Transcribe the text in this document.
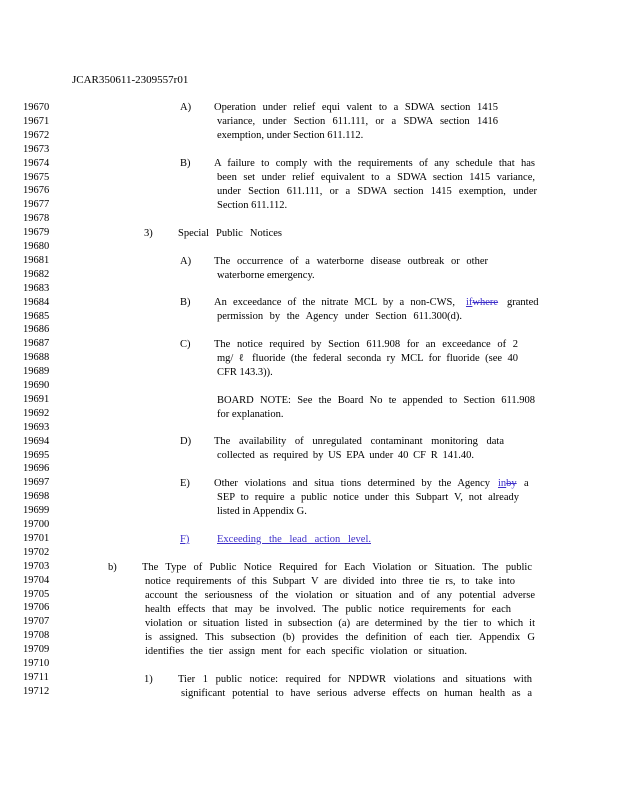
JCAR350611-2309557r01
19670
19671
19672
19673
19674
19675
19676
19677
19678
19679
19680
19681
19682
19683
19684
19685
19686
19687
19688
19689
19690
19691
19692
19693
19694
19695
19696
19697
19698
19699
19700
19701
19702
19703
19704
19705
19706
19707
19708
19709
19710
19711
19712
A) Operation under relief equi valent to a SDWA section 1415
variance, under Section 611.111, or a SDWA section 1416
exemption, under Section 611.112.
B) A failure to comply with the requirements of any schedule that has
been set under relief equivalent to a SDWA section 1415 variance,
under Section 611.111, or a SDWA section 1415 exemption, under
Section 611.112.
3) Special Public Notices
A) The occurrence of a waterborne disease outbreak or other
waterborne emergency.
B) An exceedance of the nitrate MCL by a non-CWS, ifwhere granted
permission by the Agency under Section 611.300(d).
C) The notice required by Section 611.908 for an exceedance of 2
mg/ ℓ fluoride (the federal seconda ry MCL for fluoride (see 40
CFR 143.3)).
BOARD NOTE: See the Board No te appended to Section 611.908
for explanation.
D) The availability of unregulated contaminant monitoring data
collected as required by US EPA under 40 CF R 141.40.
E) Other violations and situa tions determined by the Agency inby a
SEP to require a public notice under this Subpart V, not already
listed in Appendix G.
F)	Exceeding the lead action level.
b) The Type of Public Notice Required for Each Violation or Situation. The public
notice requirements of this Subpart V are divided into three tie rs, to take into
account the seriousness of the violation or situation and of any potential adverse
health effects that may be involved. The public notice requirements for each
violation or situation listed in subsection (a) are determined by the tier to which it
is assigned. This subsection (b) provides the definition of each tier. Appendix G
identifies the tier assign ment for each specific violation or situation.
1) Tier 1 public notice: required for NPDWR violations and situations with
significant potential to have serious adverse effects on human health as a
